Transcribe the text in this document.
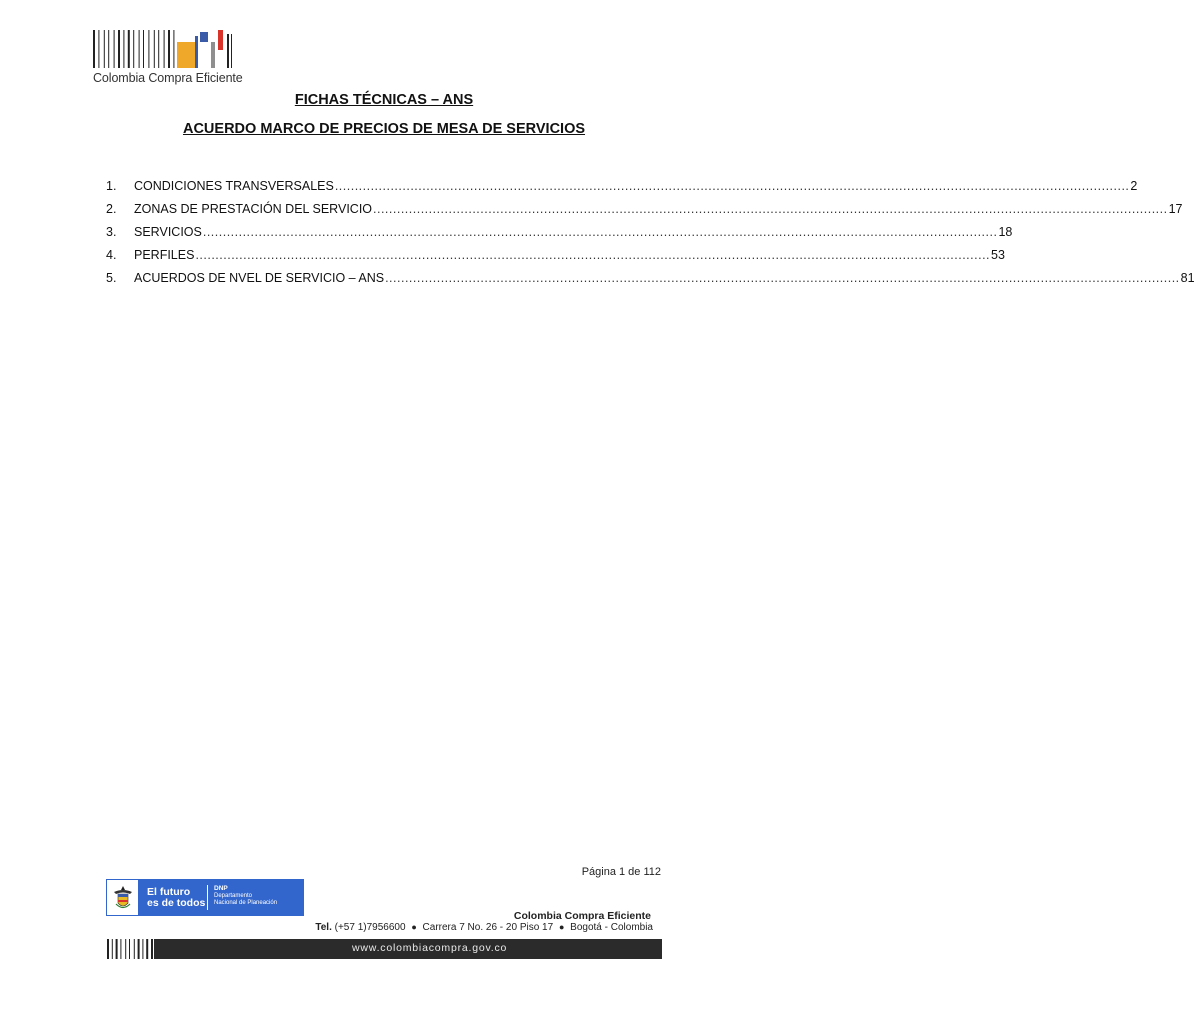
Colombia Compra Eficiente
FICHAS TÉCNICAS – ANS
ACUERDO MARCO DE PRECIOS DE MESA DE SERVICIOS
1.	CONDICIONES TRANSVERSALES ........................................................................................................................................................................................................ 2
2.	ZONAS DE PRESTACIÓN DEL SERVICIO ........................................................................................................................................................................................................ 17
3.	SERVICIOS ........................................................................................................................................................................................................ 18
4.	PERFILES ........................................................................................................................................................................................................ 53
5.	ACUERDOS DE NVEL DE SERVICIO – ANS ........................................................................................................................................................................................................ 81
Página 1 de 112
El futuro
es de todos
DNP
Departamento
Nacional de Planeación
Colombia Compra Eficiente
Tel. (+57 1)7956600 ● Carrera 7 No. 26 - 20 Piso 17 ● Bogotá - Colombia
www.colombiacompra.gov.co
